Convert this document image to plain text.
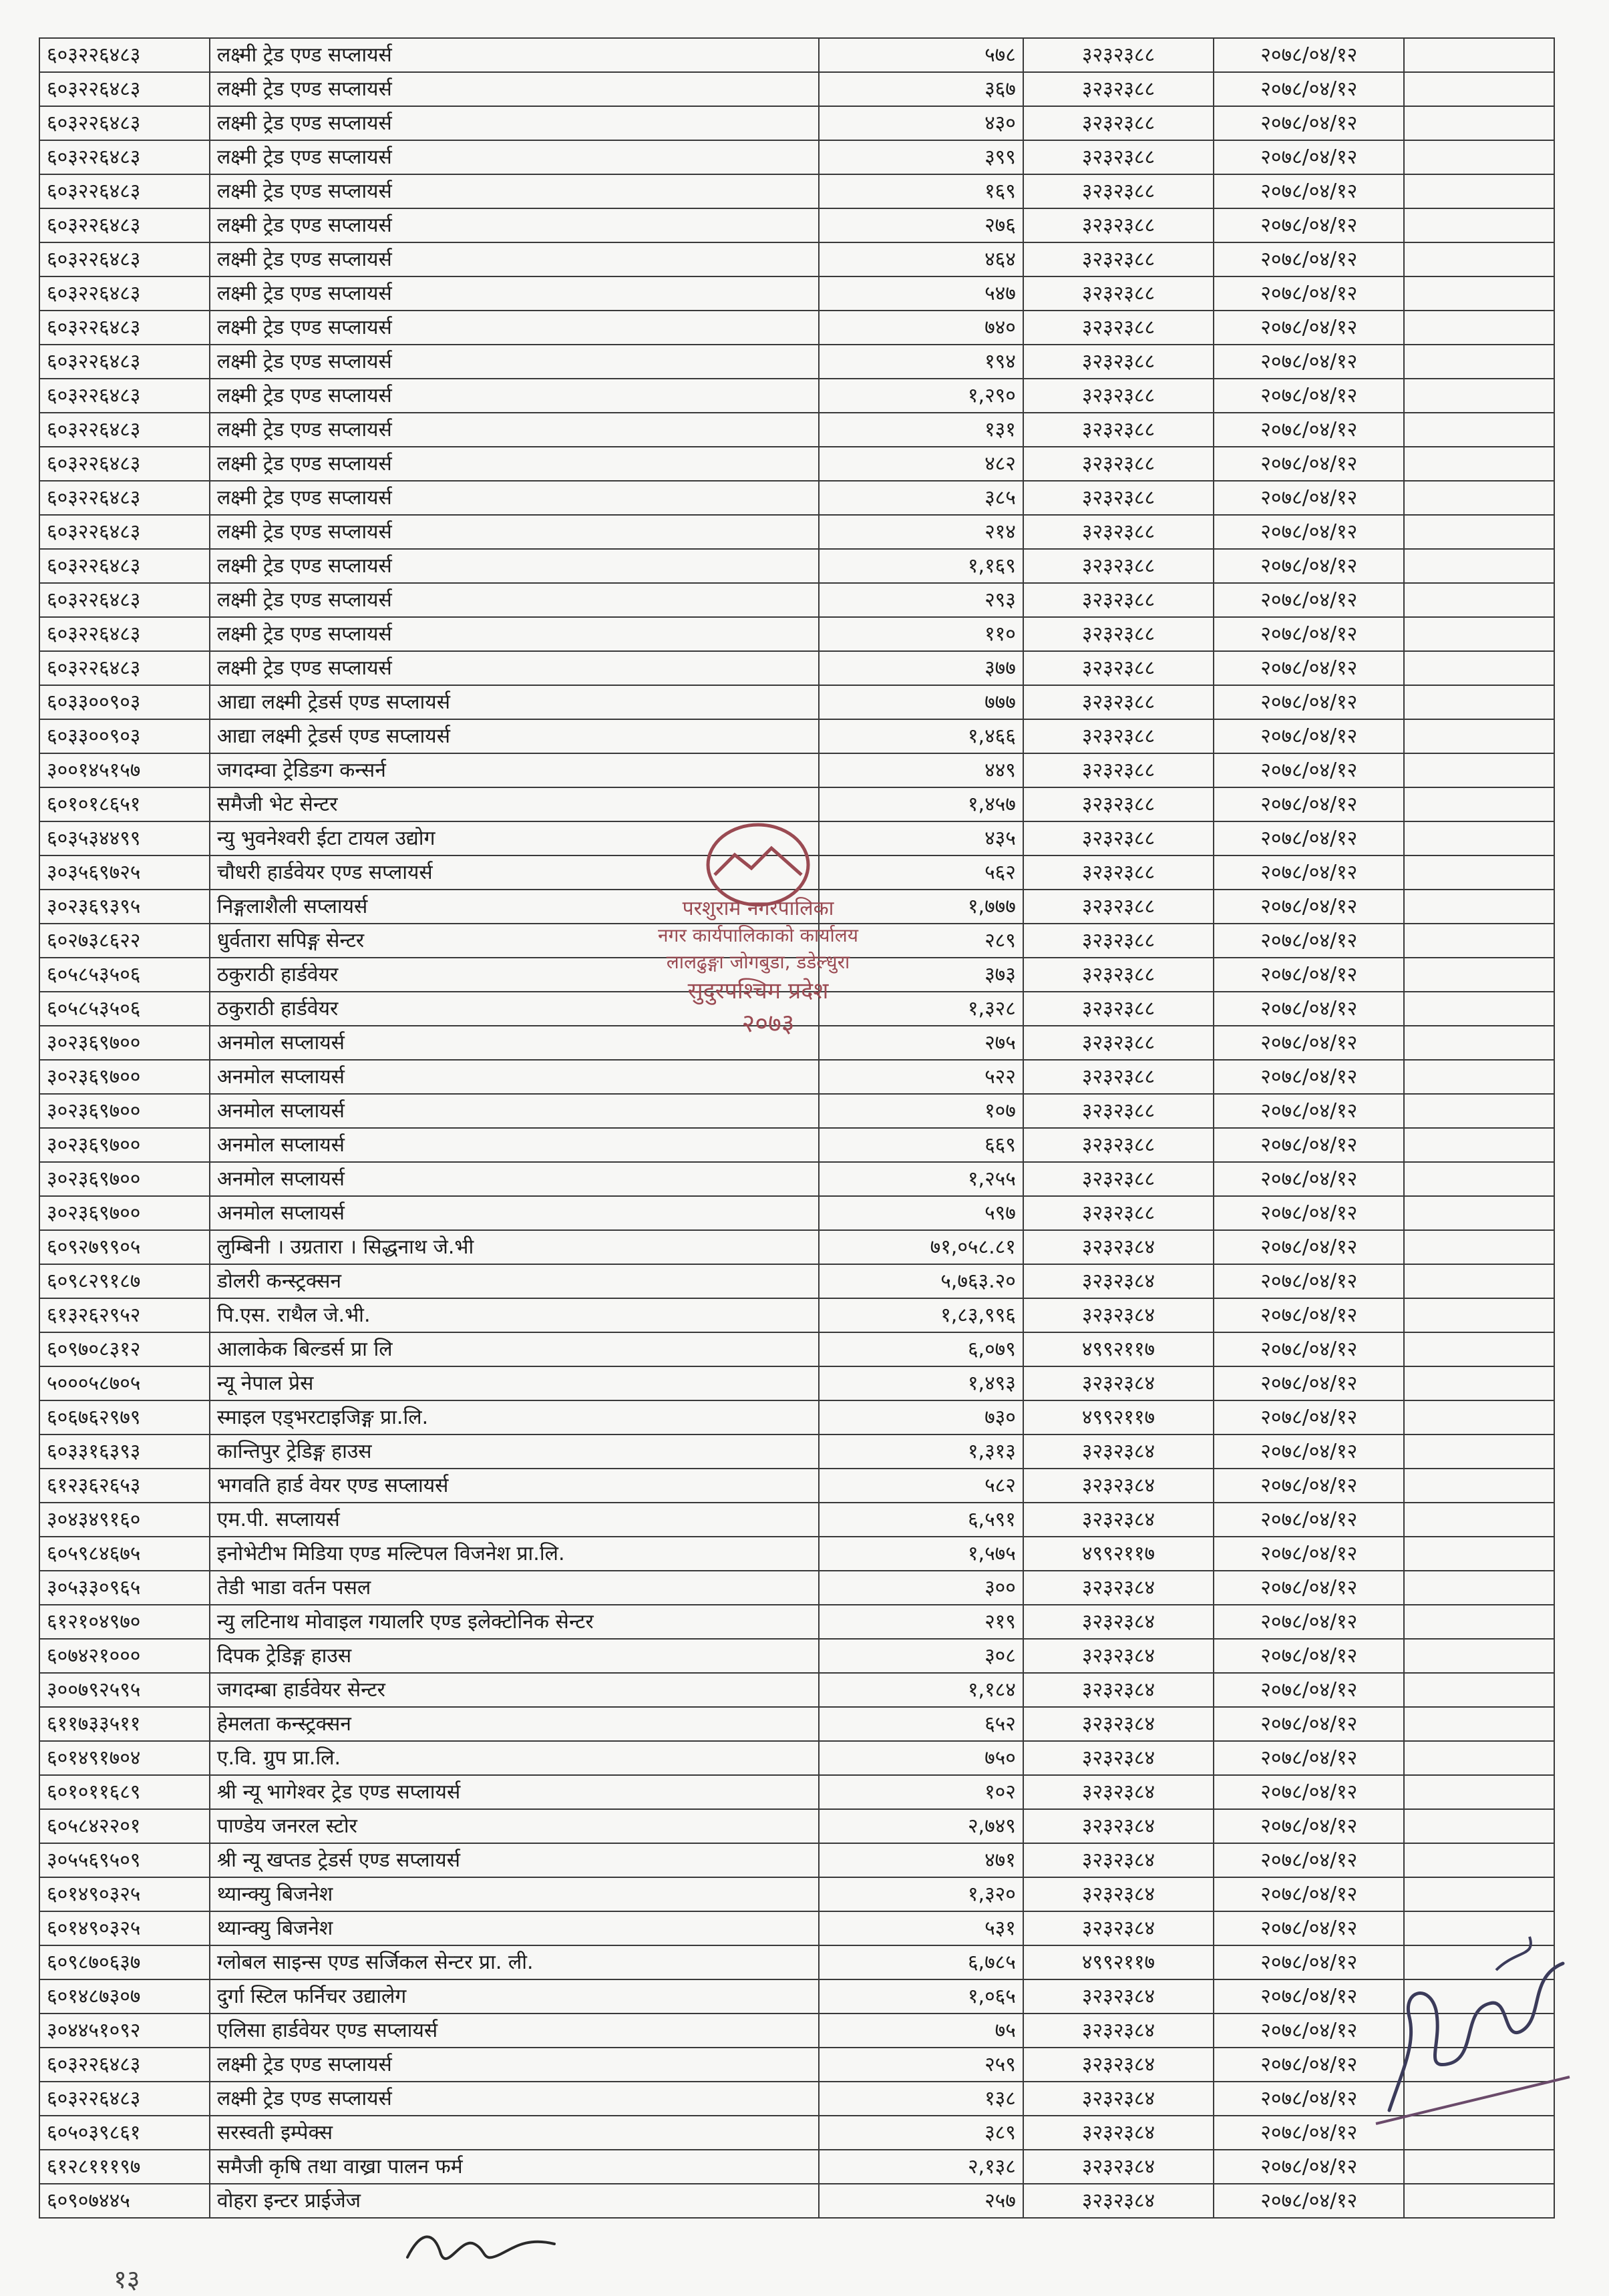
६०३२२६४८३	लक्ष्मी ट्रेड एण्ड सप्लायर्स	५७८	३२३२३८८	२०७८/०४/१२	
६०३२२६४८३	लक्ष्मी ट्रेड एण्ड सप्लायर्स	३६७	३२३२३८८	२०७८/०४/१२	
६०३२२६४८३	लक्ष्मी ट्रेड एण्ड सप्लायर्स	४३०	३२३२३८८	२०७८/०४/१२	
६०३२२६४८३	लक्ष्मी ट्रेड एण्ड सप्लायर्स	३९९	३२३२३८८	२०७८/०४/१२	
६०३२२६४८३	लक्ष्मी ट्रेड एण्ड सप्लायर्स	१६९	३२३२३८८	२०७८/०४/१२	
६०३२२६४८३	लक्ष्मी ट्रेड एण्ड सप्लायर्स	२७६	३२३२३८८	२०७८/०४/१२	
६०३२२६४८३	लक्ष्मी ट्रेड एण्ड सप्लायर्स	४६४	३२३२३८८	२०७८/०४/१२	
६०३२२६४८३	लक्ष्मी ट्रेड एण्ड सप्लायर्स	५४७	३२३२३८८	२०७८/०४/१२	
६०३२२६४८३	लक्ष्मी ट्रेड एण्ड सप्लायर्स	७४०	३२३२३८८	२०७८/०४/१२	
६०३२२६४८३	लक्ष्मी ट्रेड एण्ड सप्लायर्स	१९४	३२३२३८८	२०७८/०४/१२	
६०३२२६४८३	लक्ष्मी ट्रेड एण्ड सप्लायर्स	१,२९०	३२३२३८८	२०७८/०४/१२	
६०३२२६४८३	लक्ष्मी ट्रेड एण्ड सप्लायर्स	१३१	३२३२३८८	२०७८/०४/१२	
६०३२२६४८३	लक्ष्मी ट्रेड एण्ड सप्लायर्स	४८२	३२३२३८८	२०७८/०४/१२	
६०३२२६४८३	लक्ष्मी ट्रेड एण्ड सप्लायर्स	३८५	३२३२३८८	२०७८/०४/१२	
६०३२२६४८३	लक्ष्मी ट्रेड एण्ड सप्लायर्स	२१४	३२३२३८८	२०७८/०४/१२	
६०३२२६४८३	लक्ष्मी ट्रेड एण्ड सप्लायर्स	१,१६९	३२३२३८८	२०७८/०४/१२	
६०३२२६४८३	लक्ष्मी ट्रेड एण्ड सप्लायर्स	२९३	३२३२३८८	२०७८/०४/१२	
६०३२२६४८३	लक्ष्मी ट्रेड एण्ड सप्लायर्स	११०	३२३२३८८	२०७८/०४/१२	
६०३२२६४८३	लक्ष्मी ट्रेड एण्ड सप्लायर्स	३७७	३२३२३८८	२०७८/०४/१२	
६०३३००९०३	आद्या लक्ष्मी ट्रेडर्स एण्ड सप्लायर्स	७७७	३२३२३८८	२०७८/०४/१२	
६०३३००९०३	आद्या लक्ष्मी ट्रेडर्स एण्ड सप्लायर्स	१,४६६	३२३२३८८	२०७८/०४/१२	
३००१४५१५७	जगदम्वा ट्रेडिङग कन्सर्न	४४९	३२३२३८८	२०७८/०४/१२	
६०१०१८६५१	समैजी भेट सेन्टर	१,४५७	३२३२३८८	२०७८/०४/१२	
६०३५३४४९९	न्यु भुवनेश्वरी ईटा टायल उद्योग	४३५	३२३२३८८	२०७८/०४/१२	
३०३५६९७२५	चौधरी हार्डवेयर एण्ड सप्लायर्स	५६२	३२३२३८८	२०७८/०४/१२	
३०२३६९३९५	निङ्गलाशैली सप्लायर्स	१,७७७	३२३२३८८	२०७८/०४/१२	
६०२७३८६२२	धुर्वतारा सपिङ्ग सेन्टर	२८९	३२३२३८८	२०७८/०४/१२	
६०५८५३५०६	ठकुराठी हार्डवेयर	३७३	३२३२३८८	२०७८/०४/१२	
६०५८५३५०६	ठकुराठी हार्डवेयर	१,३२८	३२३२३८८	२०७८/०४/१२	
३०२३६९७००	अनमोल सप्लायर्स	२७५	३२३२३८८	२०७८/०४/१२	
३०२३६९७००	अनमोल सप्लायर्स	५२२	३२३२३८८	२०७८/०४/१२	
३०२३६९७००	अनमोल सप्लायर्स	१०७	३२३२३८८	२०७८/०४/१२	
३०२३६९७००	अनमोल सप्लायर्स	६६९	३२३२३८८	२०७८/०४/१२	
३०२३६९७००	अनमोल सप्लायर्स	१,२५५	३२३२३८८	२०७८/०४/१२	
३०२३६९७००	अनमोल सप्लायर्स	५९७	३२३२३८८	२०७८/०४/१२	
६०९२७९९०५	लुम्बिनी । उग्रतारा । सिद्धनाथ जे.भी	७१,०५८.८१	३२३२३८४	२०७८/०४/१२	
६०९८२९१८७	डोलरी कन्स्ट्रक्सन	५,७६३.२०	३२३२३८४	२०७८/०४/१२	
६१३२६२९५२	पि.एस. राथैल जे.भी.	१,८३,९९६	३२३२३८४	२०७८/०४/१२	
६०९७०८३१२	आलाकेक बिल्डर्स प्रा लि	६,०७९	४९९२११७	२०७८/०४/१२	
५०००५८७०५	न्यू नेपाल प्रेस	१,४९३	३२३२३८४	२०७८/०४/१२	
६०६७६२९७९	स्माइल एड्भरटाइजिङ्ग प्रा.लि.	७३०	४९९२११७	२०७८/०४/१२	
६०३३१६३९३	कान्तिपुर ट्रेडिङ्ग हाउस	१,३१३	३२३२३८४	२०७८/०४/१२	
६१२३६२६५३	भगवति हार्ड वेयर एण्ड सप्लायर्स	५८२	३२३२३८४	२०७८/०४/१२	
३०४३४९१६०	एम.पी. सप्लायर्स	६,५९१	३२३२३८४	२०७८/०४/१२	
६०५९८४६७५	इनोभेटीभ मिडिया एण्ड मल्टिपल विजनेश प्रा.लि.	१,५७५	४९९२११७	२०७८/०४/१२	
३०५३३०९६५	तेडी भाडा वर्तन पसल	३००	३२३२३८४	२०७८/०४/१२	
६१२१०४९७०	न्यु लटिनाथ मोवाइल गयालरि एण्ड इलेक्टोनिक सेन्टर	२१९	३२३२३८४	२०७८/०४/१२	
६०७४२१०००	दिपक ट्रेडिङ्ग हाउस	३०८	३२३२३८४	२०७८/०४/१२	
३००७९२५९५	जगदम्बा हार्डवेयर सेन्टर	१,१८४	३२३२३८४	२०७८/०४/१२	
६११७३३५११	हेमलता कन्स्ट्रक्सन	६५२	३२३२३८४	२०७८/०४/१२	
६०१४९१७०४	ए.वि. ग्रुप प्रा.लि.	७५०	३२३२३८४	२०७८/०४/१२	
६०१०११६८९	श्री न्यू भागेश्वर ट्रेड एण्ड सप्लायर्स	१०२	३२३२३८४	२०७८/०४/१२	
६०५८४२२०१	पाण्डेय जनरल स्टोर	२,७४९	३२३२३८४	२०७८/०४/१२	
३०५५६९५०९	श्री न्यू खप्तड ट्रेडर्स एण्ड सप्लायर्स	४७१	३२३२३८४	२०७८/०४/१२	
६०१४९०३२५	थ्यान्क्यु बिजनेश	१,३२०	३२३२३८४	२०७८/०४/१२	
६०१४९०३२५	थ्यान्क्यु बिजनेश	५३१	३२३२३८४	२०७८/०४/१२	
६०९८७०६३७	ग्लोबल साइन्स एण्ड सर्जिकल सेन्टर प्रा. ली.	६,७८५	४९९२११७	२०७८/०४/१२	
६०१४८७३०७	दुर्गा स्टिल फर्निचर उद्यालेग	१,०६५	३२३२३८४	२०७८/०४/१२	
३०४४५१०९२	एलिसा हार्डवेयर एण्ड सप्लायर्स	७५	३२३२३८४	२०७८/०४/१२	
६०३२२६४८३	लक्ष्मी ट्रेड एण्ड सप्लायर्स	२५९	३२३२३८४	२०७८/०४/१२	
६०३२२६४८३	लक्ष्मी ट्रेड एण्ड सप्लायर्स	१३८	३२३२३८४	२०७८/०४/१२	
६०५०३९८६१	सरस्वती इम्पेक्स	३८९	३२३२३८४	२०७८/०४/१२	
६१२८१११९७	समैजी कृषि तथा वाख्रा पालन फर्म	२,१३८	३२३२३८४	२०७८/०४/१२	
६०९०७४४५	वोहरा इन्टर प्राईजेज	२५७	३२३२३८४	२०७८/०४/१२	
परशुराम नगरपालिका
नगर कार्यपालिकाको कार्यालय
लालढुङ्गा जोगबुडा, डडेल्धुरा
सुदुरपश्चिम प्रदेश
२०७३
१३
